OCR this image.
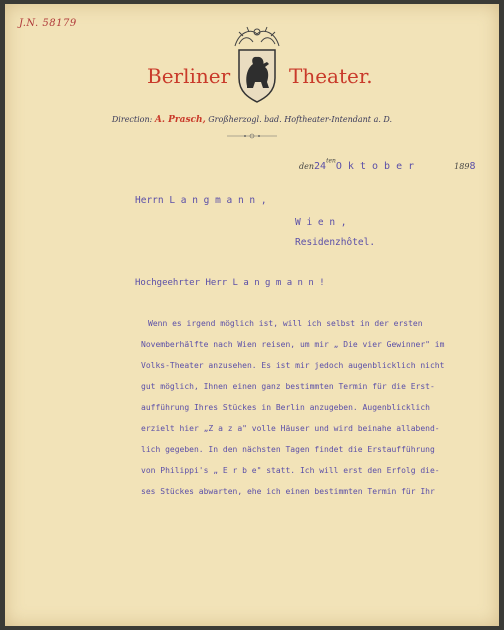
J.N. 58179

Berliner

	Theater.

Direction: A. Prasch, Großherzogl. bad. Hoftheater-Intendant a. D.
$den24^{ten}O$ k t o b e r	1898
Herrn L a n g m a n n ,
W i e n ,
Residenzhôtel.
Hochgeehrter Herr L a n g m a n n !
Wenn es irgend möglich ist, will ich selbst in der ersten
Novemberhälfte nach Wien reisen, um mir „ Die vier Gewinner" im
Volks-Theater anzusehen. Es ist mir jedoch augenblicklich nicht
gut möglich, Ihnen einen ganz bestimmten Termin für die Erst-
aufführung Ihres Stückes in Berlin anzugeben. Augenblicklich
erzielt hier „Z a z a" volle Häuser und wird beinahe allabend-
lich gegeben. In den nächsten Tagen findet die Erstaufführung
von Philippi's „ E r b e" statt. Ich will erst den Erfolg die-
ses Stückes abwarten, ehe ich einen bestimmten Termin für Ihr
